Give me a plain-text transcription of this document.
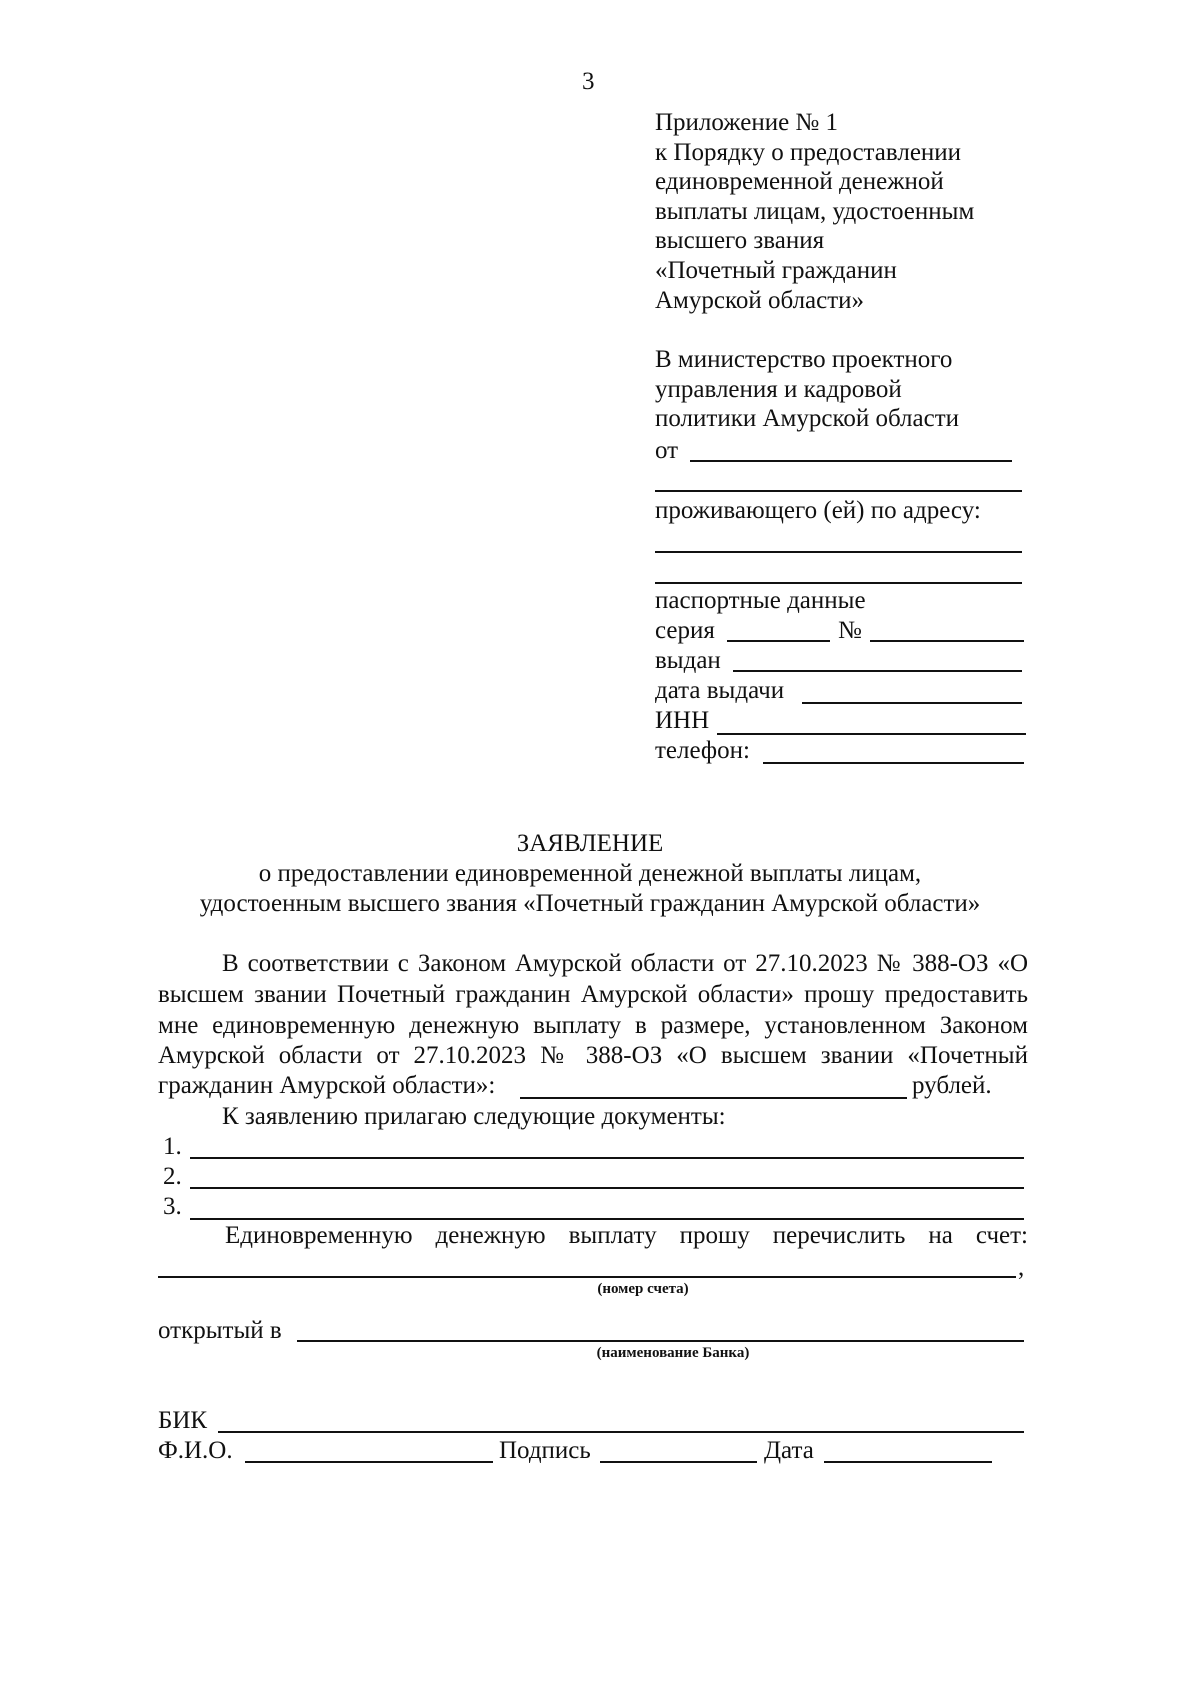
3
Приложение № 1
к Порядку о предоставлении
единовременной денежной
выплаты лицам, удостоенным
высшего звания
«Почетный гражданин
Амурской области»
В министерство проектного
управления и кадровой
политики Амурской области
от
проживающего (ей) по адресу:
паспортные данные
серия	№
выдан
дата выдачи
ИНН
телефон:
ЗАЯВЛЕНИЕ
о предоставлении единовременной денежной выплаты лицам,
удостоенным высшего звания «Почетный гражданин Амурской области»
В соответствии с Законом Амурской области от 27.10.2023 № 388-ОЗ «О
высшем звании Почетный гражданин Амурской области» прошу предоставить
мне единовременную денежную выплату в размере, установленном Законом
Амурской области от 27.10.2023 № 388-ОЗ «О высшем звании «Почетный
гражданин Амурской области»:	рублей.
К заявлению прилагаю следующие документы:
1.
2.
3.
Единовременную денежную выплату прошу перечислить на счет:
,
(номер счета)
открытый в
(наименование Банка)
БИК
Ф.И.О.	Подпись	Дата
